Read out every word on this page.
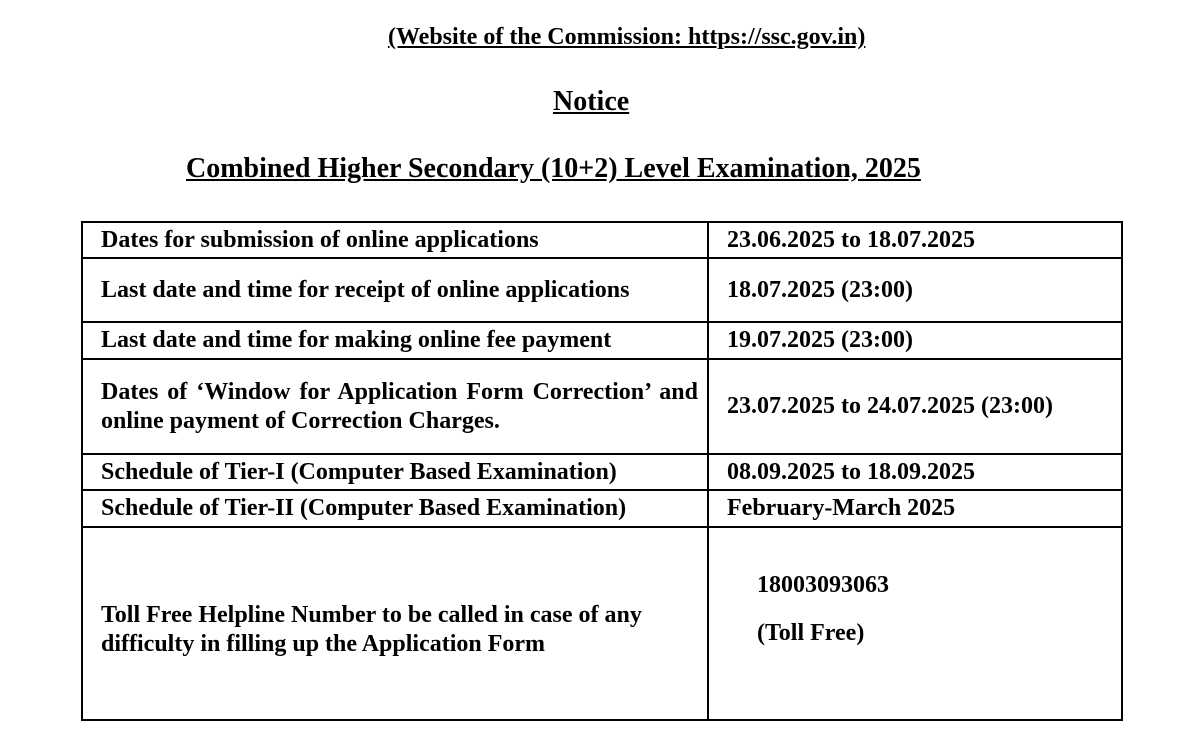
(Website of the Commission: https://ssc.gov.in)
Notice
Combined Higher Secondary (10+2) Level Examination, 2025
Dates for submission of online applications	23.06.2025 to 18.07.2025
Last date and time for receipt of online applications	18.07.2025 (23:00)
Last date and time for making online fee payment	19.07.2025 (23:00)
Dates of ‘Window for Application Form Correction’ and online payment of Correction Charges.	23.07.2025 to 24.07.2025 (23:00)
Schedule of Tier-I (Computer Based Examination)	08.09.2025 to 18.09.2025
Schedule of Tier-II (Computer Based Examination)	February-March 2025

Toll Free Helpline Number to be called in case of any difficulty in filling up the Application Form	18003093063
(Toll Free)
